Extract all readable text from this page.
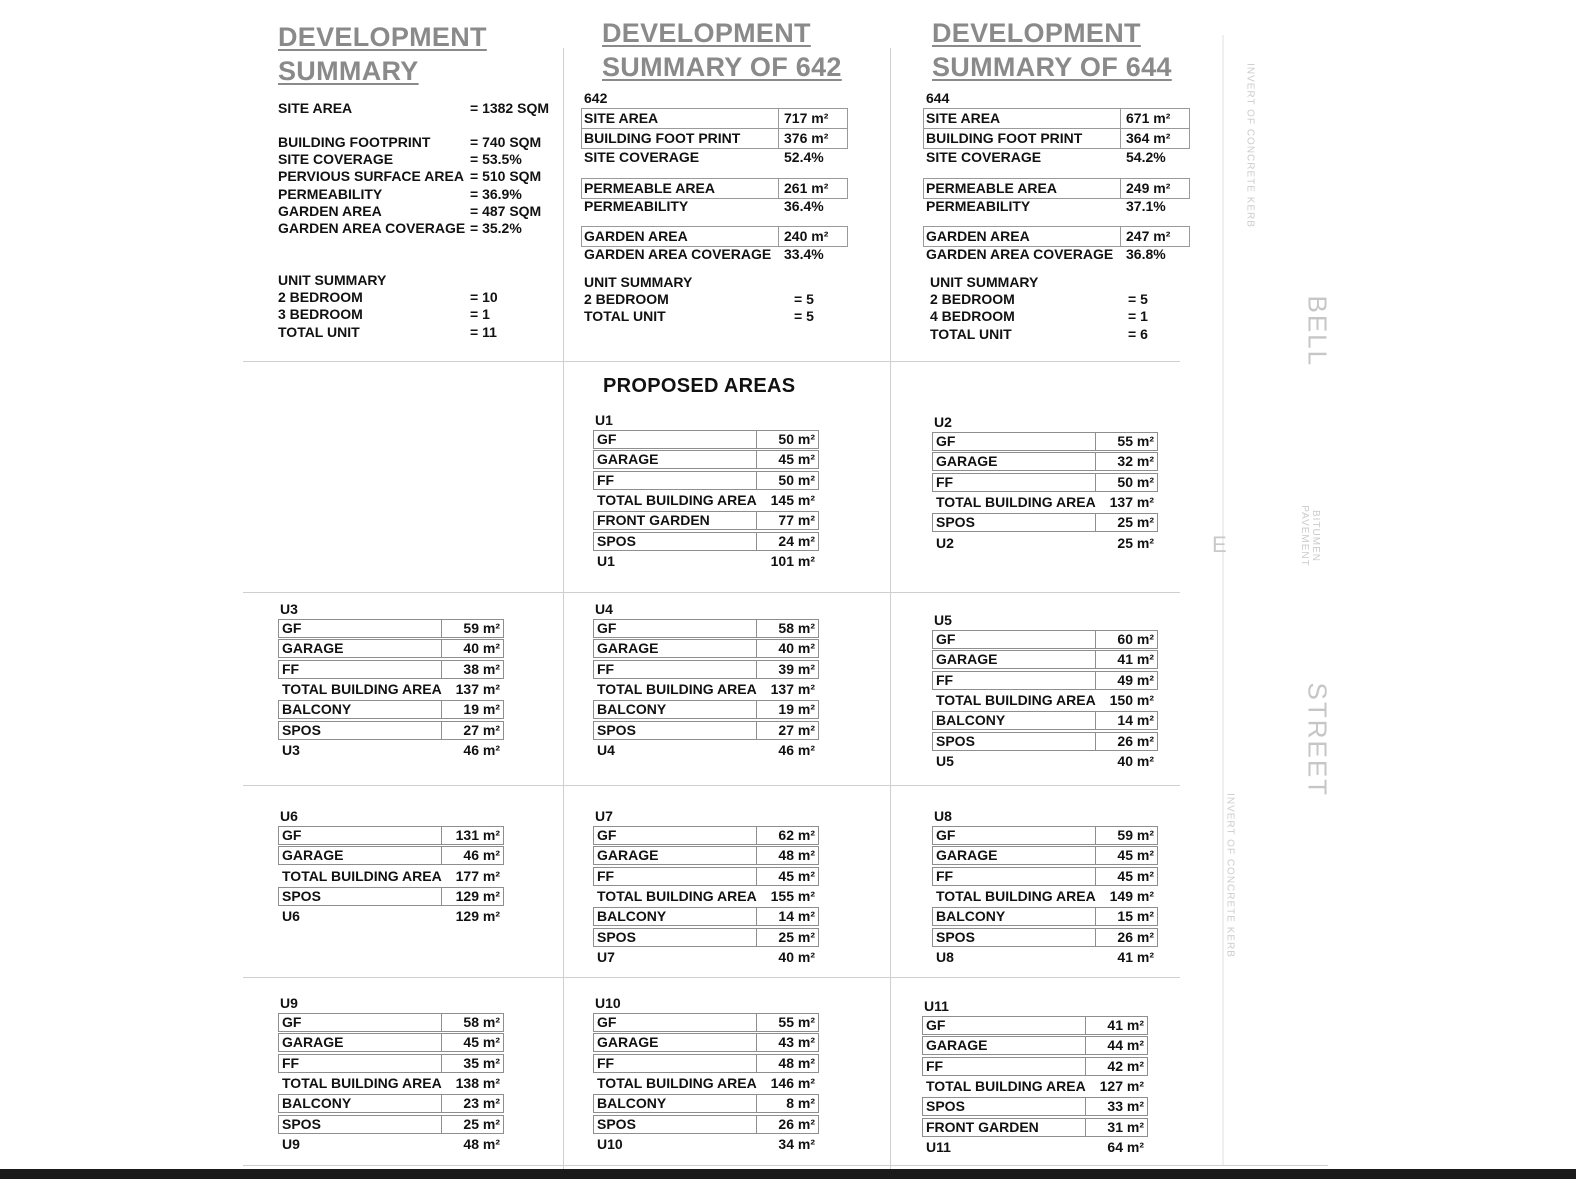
DEVELOPMENT
SUMMARY
SITE AREA	= 1382 SQM
BUILDING FOOTPRINT	= 740 SQM
SITE COVERAGE	= 53.5%
PERVIOUS SURFACE AREA = 510 SQM
PERMEABILITY	= 36.9%
GARDEN AREA	= 487 SQM
GARDEN AREA COVERAGE = 35.2%
UNIT SUMMARY
2 BEDROOM	= 10
3 BEDROOM	= 1
TOTAL UNIT	= 11
DEVELOPMENT
SUMMARY OF 642
642
SITE AREA	717 m²
BUILDING FOOT PRINT	376 m²
SITE COVERAGE	52.4%
PERMEABLE AREA	261 m²
PERMEABILITY	36.4%
GARDEN AREA	240 m²
GARDEN AREA COVERAGE 33.4%
UNIT SUMMARY
2 BEDROOM	= 5
TOTAL UNIT	= 5
DEVELOPMENT
SUMMARY OF 644
644
SITE AREA	671 m²
BUILDING FOOT PRINT	364 m²
SITE COVERAGE	54.2%
PERMEABLE AREA	249 m²
PERMEABILITY	37.1%
GARDEN AREA	247 m²
GARDEN AREA COVERAGE 36.8%
UNIT SUMMARY
2 BEDROOM	= 5
4 BEDROOM	= 1
TOTAL UNIT	= 6
PROPOSED AREAS
U1
GF	50 m²
GARAGE	45 m²
FF	50 m²
TOTAL BUILDING AREA 145 m²
FRONT GARDEN	77 m²
SPOS	24 m²
U1	101 m²
U2
GF	55 m²
GARAGE	32 m²
FF	50 m²
TOTAL BUILDING AREA 137 m²
SPOS	25 m²
U2	25 m²
U3
GF	59 m²
GARAGE	40 m²
FF	38 m²
TOTAL BUILDING AREA 137 m²
BALCONY	19 m²
SPOS	27 m²
U3	46 m²
U4
GF	58 m²
GARAGE	40 m²
FF	39 m²
TOTAL BUILDING AREA 137 m²
BALCONY	19 m²
SPOS	27 m²
U4	46 m²
U5
GF	60 m²
GARAGE	41 m²
FF	49 m²
TOTAL BUILDING AREA 150 m²
BALCONY	14 m²
SPOS	26 m²
U5	40 m²
U6
GF	131 m²
GARAGE	46 m²
TOTAL BUILDING AREA 177 m²
SPOS	129 m²
U6	129 m²
U7
GF	62 m²
GARAGE	48 m²
FF	45 m²
TOTAL BUILDING AREA 155 m²
BALCONY	14 m²
SPOS	25 m²
U7	40 m²
U8
GF	59 m²
GARAGE	45 m²
FF	45 m²
TOTAL BUILDING AREA 149 m²
BALCONY	15 m²
SPOS	26 m²
U8	41 m²
U9
GF	58 m²
GARAGE	45 m²
FF	35 m²
TOTAL BUILDING AREA 138 m²
BALCONY	23 m²
SPOS	25 m²
U9	48 m²
U10
GF	55 m²
GARAGE	43 m²
FF	48 m²
TOTAL BUILDING AREA 146 m²
BALCONY	8 m²
SPOS	26 m²
U10	34 m²
U11
GF	41 m²
GARAGE	44 m²
FF	42 m²
TOTAL BUILDING AREA 127 m²
SPOS	33 m²
FRONT GARDEN	31 m²
U11	64 m²
INVERT OF CONCRETE KERB
INVERT OF CONCRETE KERB
BITUMEN PAVEMENT
BELL
STREET
E
